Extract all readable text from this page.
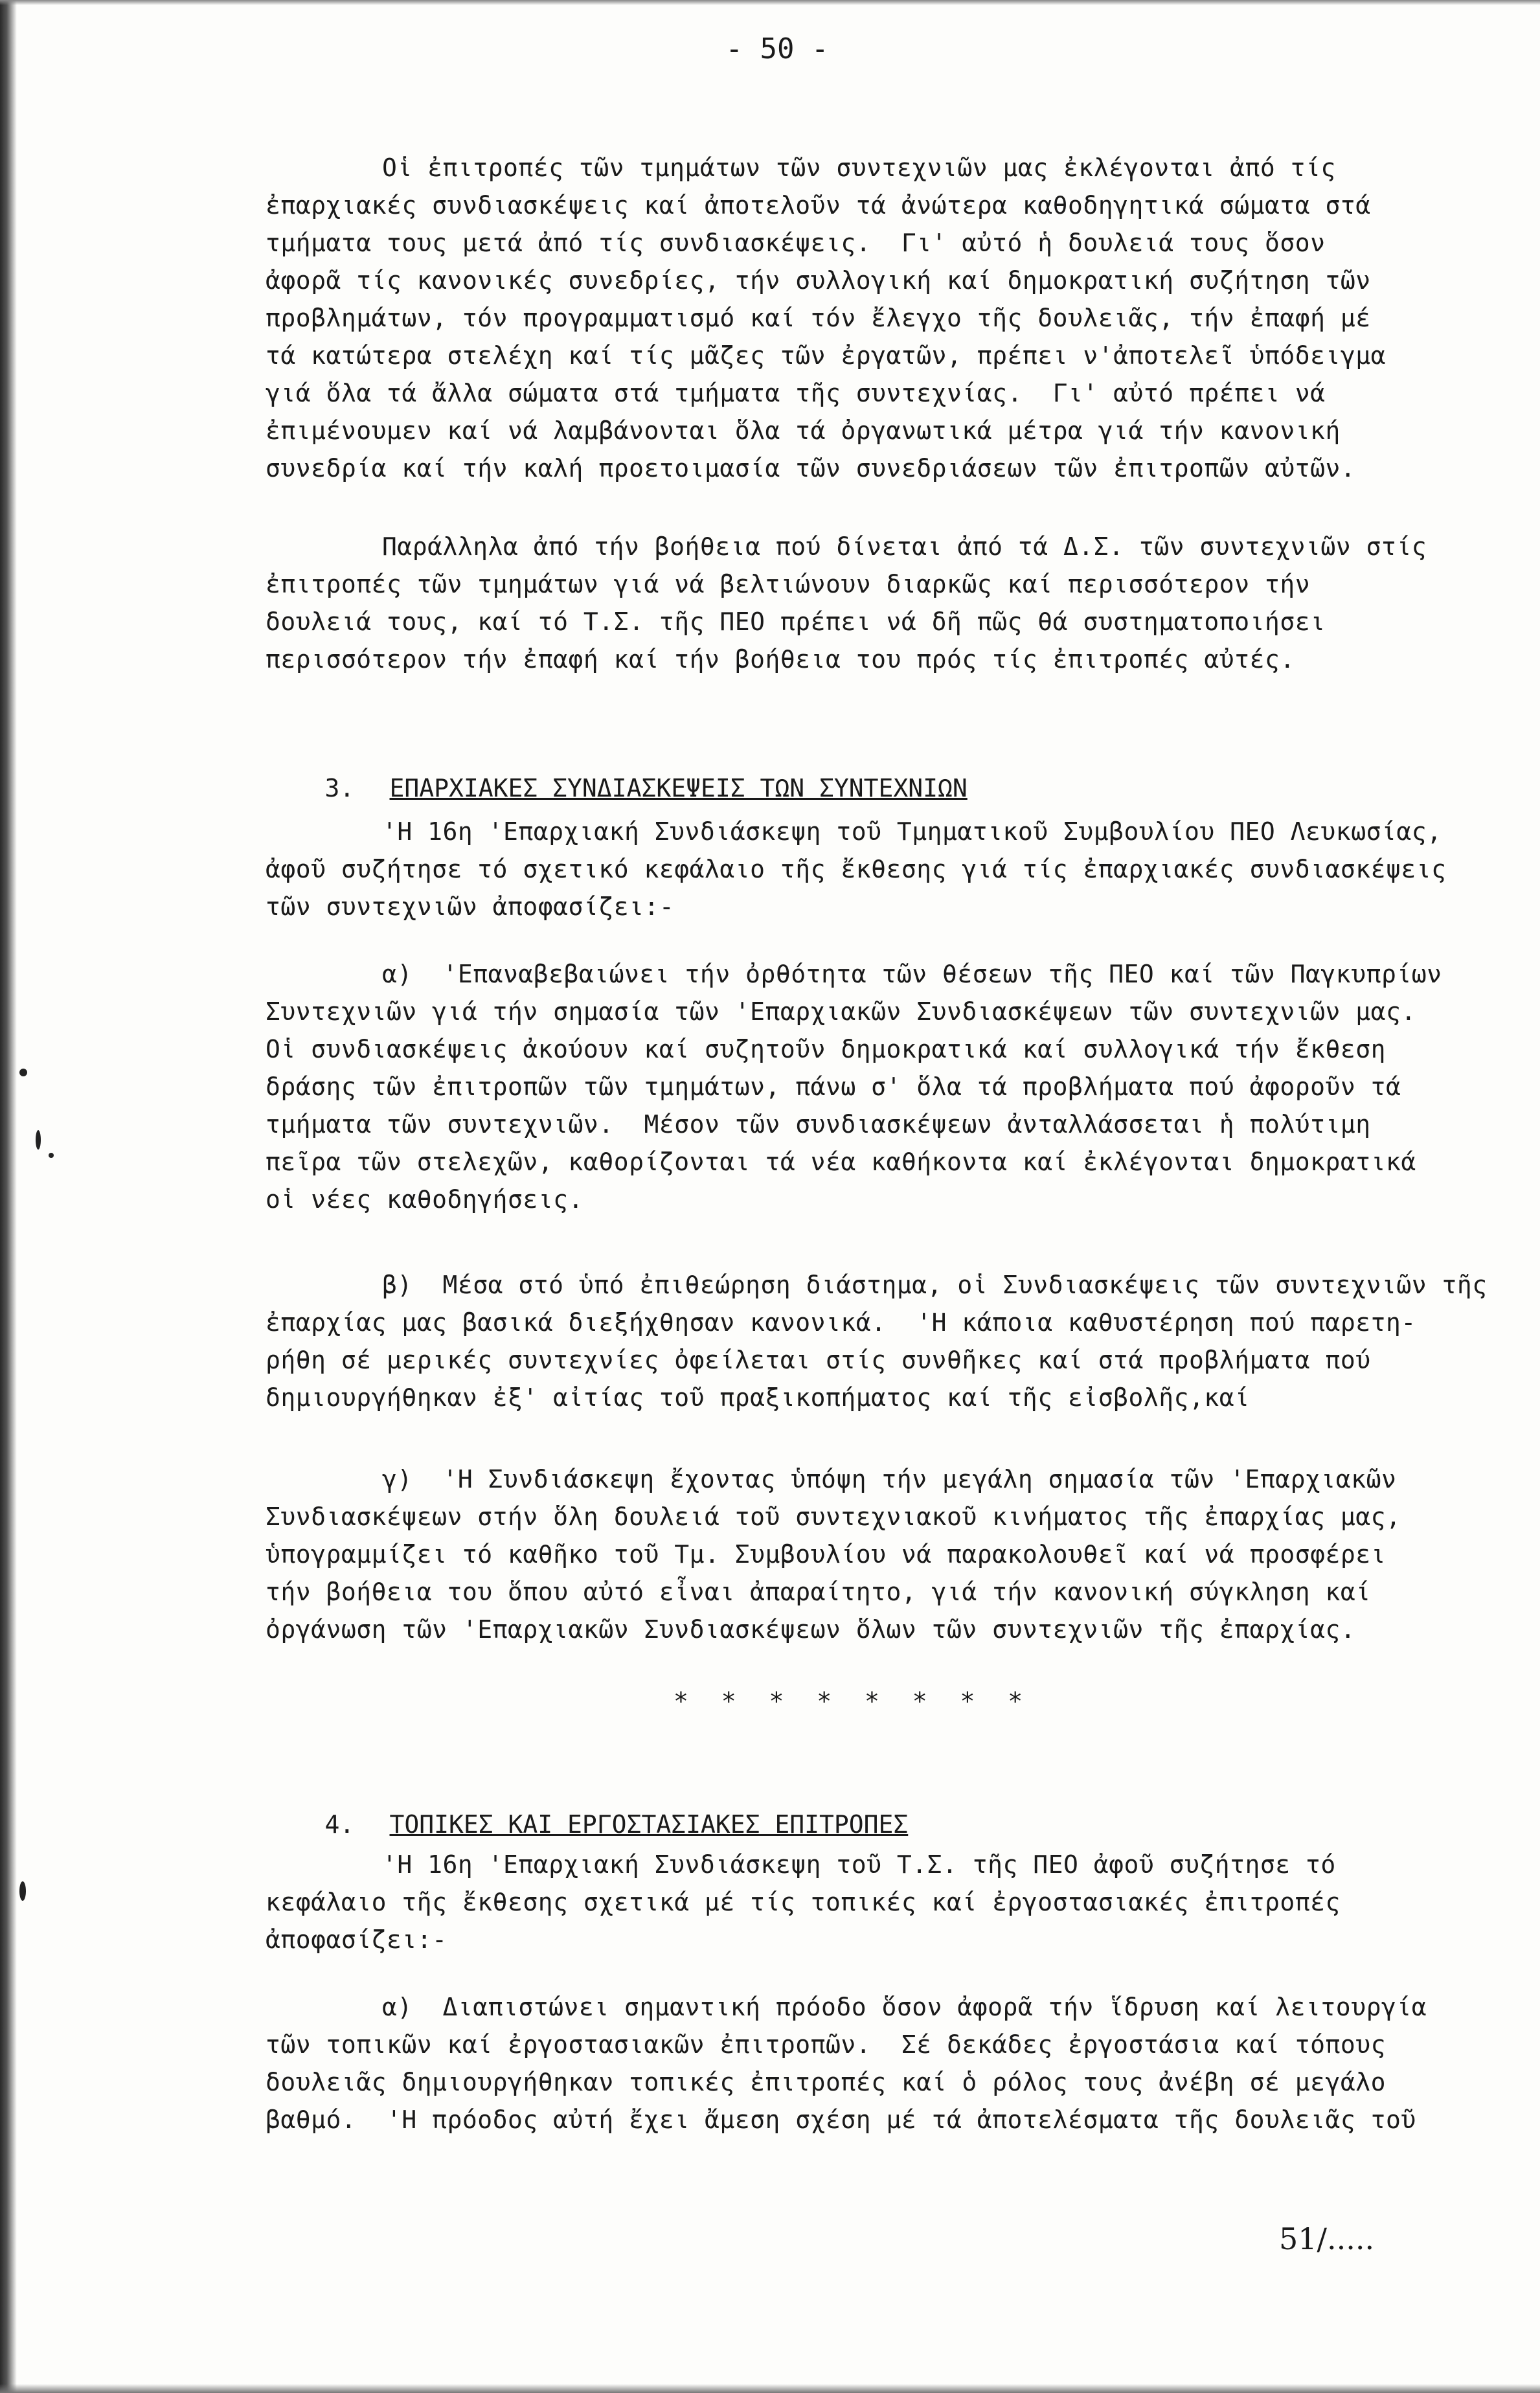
- 50 -
Οἱ ἐπιτροπές τῶν τμημάτων τῶν συντεχνιῶν μας ἐκλέγονται ἀπό τίς
ἐπαρχιακές συνδιασκέψεις καί ἀποτελοῦν τά ἀνώτερα καθοδηγητικά σώματα στά
τμήματα τους μετά ἀπό τίς συνδιασκέψεις.  Γι' αὐτό ἡ δουλειά τους ὅσον
ἀφορᾶ τίς κανονικές συνεδρίες, τήν συλλογική καί δημοκρατική συζήτηση τῶν
προβλημάτων, τόν προγραμματισμό καί τόν ἔλεγχο τῆς δουλειᾶς, τήν ἐπαφή μέ
τά κατώτερα στελέχη καί τίς μᾶζες τῶν ἐργατῶν, πρέπει ν'ἀποτελεῖ ὑπόδειγμα
γιά ὅλα τά ἄλλα σώματα στά τμήματα τῆς συντεχνίας.  Γι' αὐτό πρέπει νά
ἐπιμένουμεν καί νά λαμβάνονται ὅλα τά ὀργανωτικά μέτρα γιά τήν κανονική
συνεδρία καί τήν καλή προετοιμασία τῶν συνεδριάσεων τῶν ἐπιτροπῶν αὐτῶν.
Παράλληλα ἀπό τήν βοήθεια πού δίνεται ἀπό τά Δ.Σ. τῶν συντεχνιῶν στίς
ἐπιτροπές τῶν τμημάτων γιά νά βελτιώνουν διαρκῶς καί περισσότερον τήν
δουλειά τους, καί τό Τ.Σ. τῆς ΠΕΟ πρέπει νά δῆ πῶς θά συστηματοποιήσει
περισσότερον τήν ἐπαφή καί τήν βοήθεια του πρός τίς ἐπιτροπές αὐτές.

3. ΕΠΑΡΧΙΑΚΕΣ ΣΥΝΔΙΑΣΚΕΨΕΙΣ ΤΩΝ ΣΥΝΤΕΧΝΙΩΝ

'Η 16η 'Επαρχιακή Συνδιάσκεψη τοῦ Τμηματικοῦ Συμβουλίου ΠΕΟ Λευκωσίας,
ἀφοῦ συζήτησε τό σχετικό κεφάλαιο τῆς ἔκθεσης γιά τίς ἐπαρχιακές συνδιασκέψεις
τῶν συντεχνιῶν ἀποφασίζει:-
α)  'Επαναβεβαιώνει τήν ὀρθότητα τῶν θέσεων τῆς ΠΕΟ καί τῶν Παγκυπρίων
Συντεχνιῶν γιά τήν σημασία τῶν 'Επαρχιακῶν Συνδιασκέψεων τῶν συντεχνιῶν μας.
Οἱ συνδιασκέψεις ἀκούουν καί συζητοῦν δημοκρατικά καί συλλογικά τήν ἔκθεση
δράσης τῶν ἐπιτροπῶν τῶν τμημάτων, πάνω σ' ὅλα τά προβλήματα πού ἀφοροῦν τά
τμήματα τῶν συντεχνιῶν.  Μέσον τῶν συνδιασκέψεων ἀνταλλάσσεται ἡ πολύτιμη
πεῖρα τῶν στελεχῶν, καθορίζονται τά νέα καθήκοντα καί ἐκλέγονται δημοκρατικά
οἱ νέες καθοδηγήσεις.
β)  Μέσα στό ὑπό ἐπιθεώρηση διάστημα, οἱ Συνδιασκέψεις τῶν συντεχνιῶν τῆς
ἐπαρχίας μας βασικά διεξήχθησαν κανονικά.  'Η κάποια καθυστέρηση πού παρετη-
ρήθη σέ μερικές συντεχνίες ὀφείλεται στίς συνθῆκες καί στά προβλήματα πού
δημιουργήθηκαν ἐξ' αἰτίας τοῦ πραξικοπήματος καί τῆς εἰσβολῆς,καί
γ)  'Η Συνδιάσκεψη ἔχοντας ὑπόψη τήν μεγάλη σημασία τῶν 'Επαρχιακῶν
Συνδιασκέψεων στήν ὅλη δουλειά τοῦ συντεχνιακοῦ κινήματος τῆς ἐπαρχίας μας,
ὑπογραμμίζει τό καθῆκο τοῦ Τμ. Συμβουλίου νά παρακολουθεῖ καί νά προσφέρει
τήν βοήθεια του ὅπου αὐτό εἶναι ἀπαραίτητο, γιά τήν κανονική σύγκληση καί
ὀργάνωση τῶν 'Επαρχιακῶν Συνδιασκέψεων ὅλων τῶν συντεχνιῶν τῆς ἐπαρχίας.
* * * * * * * *

4. ΤΟΠΙΚΕΣ ΚΑΙ ΕΡΓΟΣΤΑΣΙΑΚΕΣ ΕΠΙΤΡΟΠΕΣ

'Η 16η 'Επαρχιακή Συνδιάσκεψη τοῦ Τ.Σ. τῆς ΠΕΟ ἀφοῦ συζήτησε τό
κεφάλαιο τῆς ἔκθεσης σχετικά μέ τίς τοπικές καί ἐργοστασιακές ἐπιτροπές
ἀποφασίζει:-
α)  Διαπιστώνει σημαντική πρόοδο ὅσον ἀφορᾶ τήν ἵδρυση καί λειτουργία
τῶν τοπικῶν καί ἐργοστασιακῶν ἐπιτροπῶν.  Σέ δεκάδες ἐργοστάσια καί τόπους
δουλειᾶς δημιουργήθηκαν τοπικές ἐπιτροπές καί ὁ ρόλος τους ἀνέβη σέ μεγάλο
βαθμό.  'Η πρόοδος αὐτή ἔχει ἄμεση σχέση μέ τά ἀποτελέσματα τῆς δουλειᾶς τοῦ
51/.....
